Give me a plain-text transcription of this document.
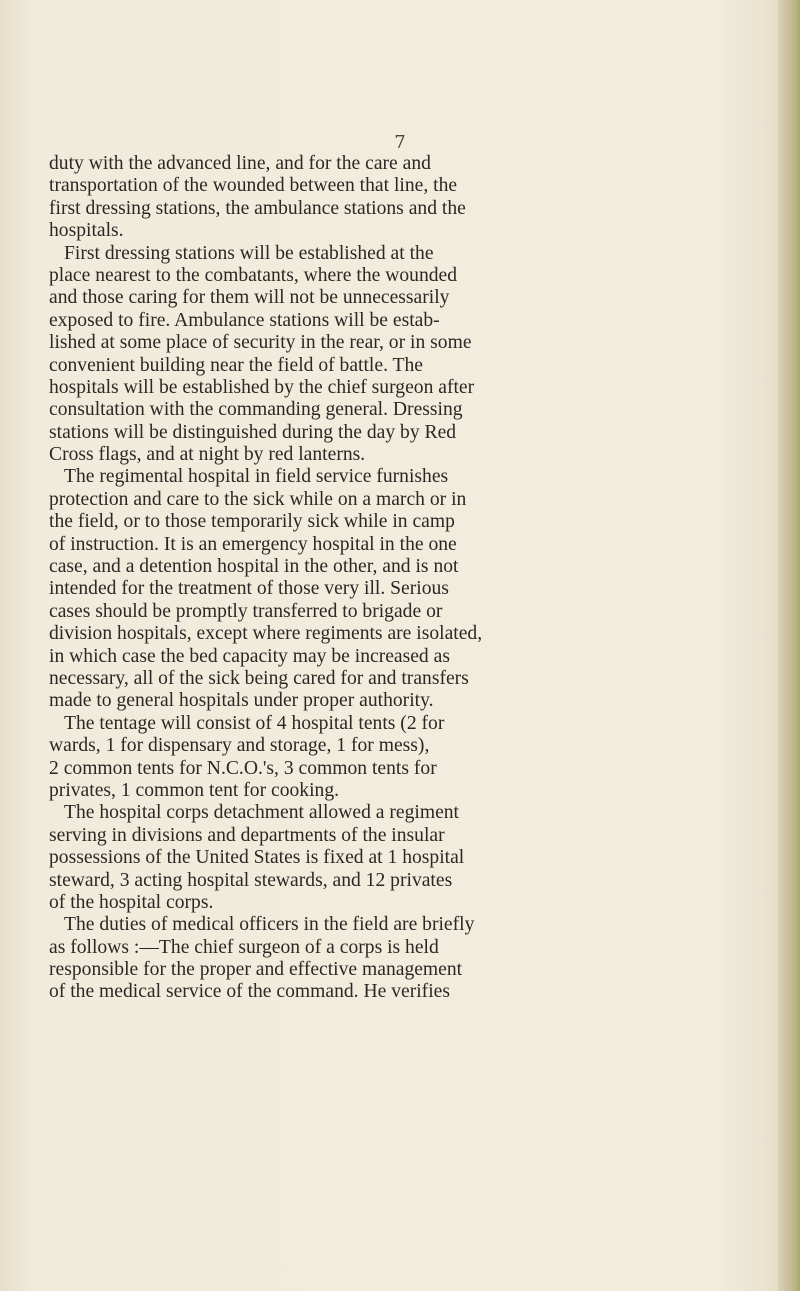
7
duty with the advanced line, and for the care and
transportation of the wounded between that line, the
first dressing stations, the ambulance stations and the
hospitals.
First dressing stations will be established at the
place nearest to the combatants, where the wounded
and those caring for them will not be unnecessarily
exposed to fire. Ambulance stations will be estab-
lished at some place of security in the rear, or in some
convenient building near the field of battle. The
hospitals will be established by the chief surgeon after
consultation with the commanding general. Dressing
stations will be distinguished during the day by Red
Cross flags, and at night by red lanterns.
The regimental hospital in field service furnishes
protection and care to the sick while on a march or in
the field, or to those temporarily sick while in camp
of instruction. It is an emergency hospital in the one
case, and a detention hospital in the other, and is not
intended for the treatment of those very ill. Serious
cases should be promptly transferred to brigade or
division hospitals, except where regiments are isolated,
in which case the bed capacity may be increased as
necessary, all of the sick being cared for and transfers
made to general hospitals under proper authority.
The tentage will consist of 4 hospital tents (2 for
wards, 1 for dispensary and storage, 1 for mess),
2 common tents for N.C.O.'s, 3 common tents for
privates, 1 common tent for cooking.
The hospital corps detachment allowed a regiment
serving in divisions and departments of the insular
possessions of the United States is fixed at 1 hospital
steward, 3 acting hospital stewards, and 12 privates
of the hospital corps.
The duties of medical officers in the field are briefly
as follows :—The chief surgeon of a corps is held
responsible for the proper and effective management
of the medical service of the command. He verifies
